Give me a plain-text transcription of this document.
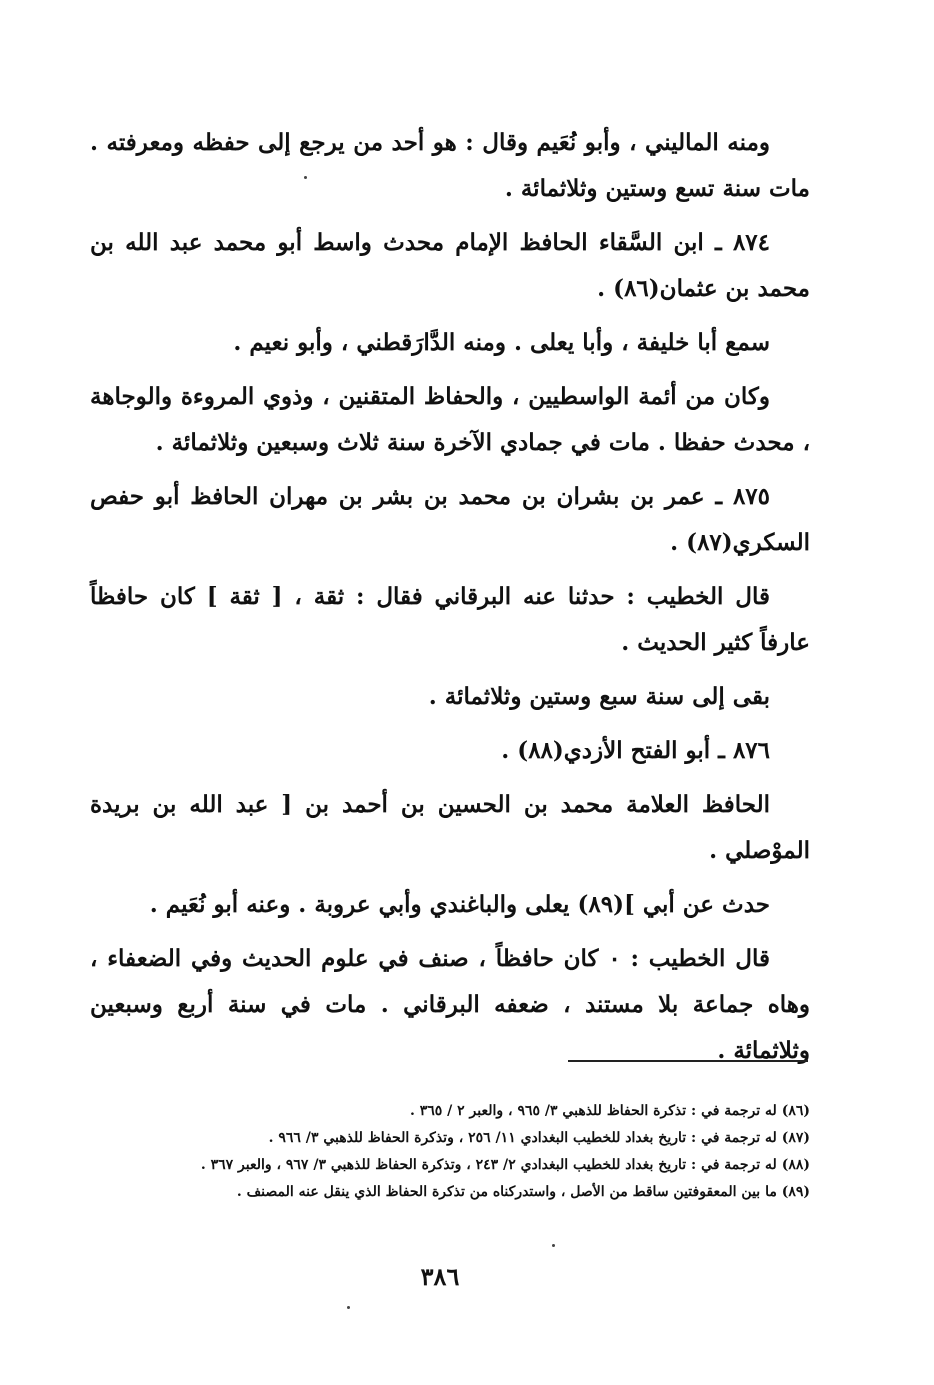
ومنه الماليني ، وأبو نُعَيم وقال : هو أحد من يرجع إلى حفظه ومعرفته . مات سنة تسع وستين وثلاثمائة .

٨٧٤ ـ ابن السَّقاء الحافظ الإمام محدث واسط أبو محمد عبد الله بن محمد بن عثمان(٨٦) .

سمع أبا خليفة ، وأبا يعلى . ومنه الدَّارَقطني ، وأبو نعيم .

وكان من أئمة الواسطيين ، والحفاظ المتقنين ، وذوي المروءة والوجاهة ، محدث حفظا . مات في جمادي الآخرة سنة ثلاث وسبعين وثلاثمائة .

٨٧٥ ـ عمر بن بشران بن محمد بن بشر بن مهران الحافظ أبو حفص السكري(٨٧) .

قال الخطيب : حدثنا عنه البرقاني فقال : ثقة ، [ ثقة ] كان حافظاً عارفاً كثير الحديث .

بقى إلى سنة سبع وستين وثلاثمائة .

٨٧٦ ـ أبو الفتح الأزدي(٨٨) .

الحافظ العلامة محمد بن الحسين بن أحمد بن [ عبد الله بن بريدة الموْصلي .

حدث عن أبي ](٨٩) يعلى والباغندي وأبي عروبة . وعنه أبو نُعَيم .

قال الخطيب : ٠ كان حافظاً ، صنف في علوم الحديث وفي الضعفاء ، وهاه جماعة بلا مستند ، ضعفه البرقاني . مات في سنة أربع وسبعين وثلاثمائة .

(٨٦) له ترجمة في : تذكرة الحفاظ للذهبي ٣/ ٩٦٥ ، والعبر ٢ / ٣٦٥ .

(٨٧) له ترجمة في : تاريخ بغداد للخطيب البغدادي ١١/ ٢٥٦ ، وتذكرة الحفاظ للذهبي ٣/ ٩٦٦ .

(٨٨) له ترجمة في : تاريخ بغداد للخطيب البغدادي ٢/ ٢٤٣ ، وتذكرة الحفاظ للذهبي ٣/ ٩٦٧ ، والعبر ٣٦٧ .

(٨٩) ما بين المعقوفتين ساقط من الأصل ، واستدركناه من تذكرة الحفاظ الذي ينقل عنه المصنف .

٣٨٦
